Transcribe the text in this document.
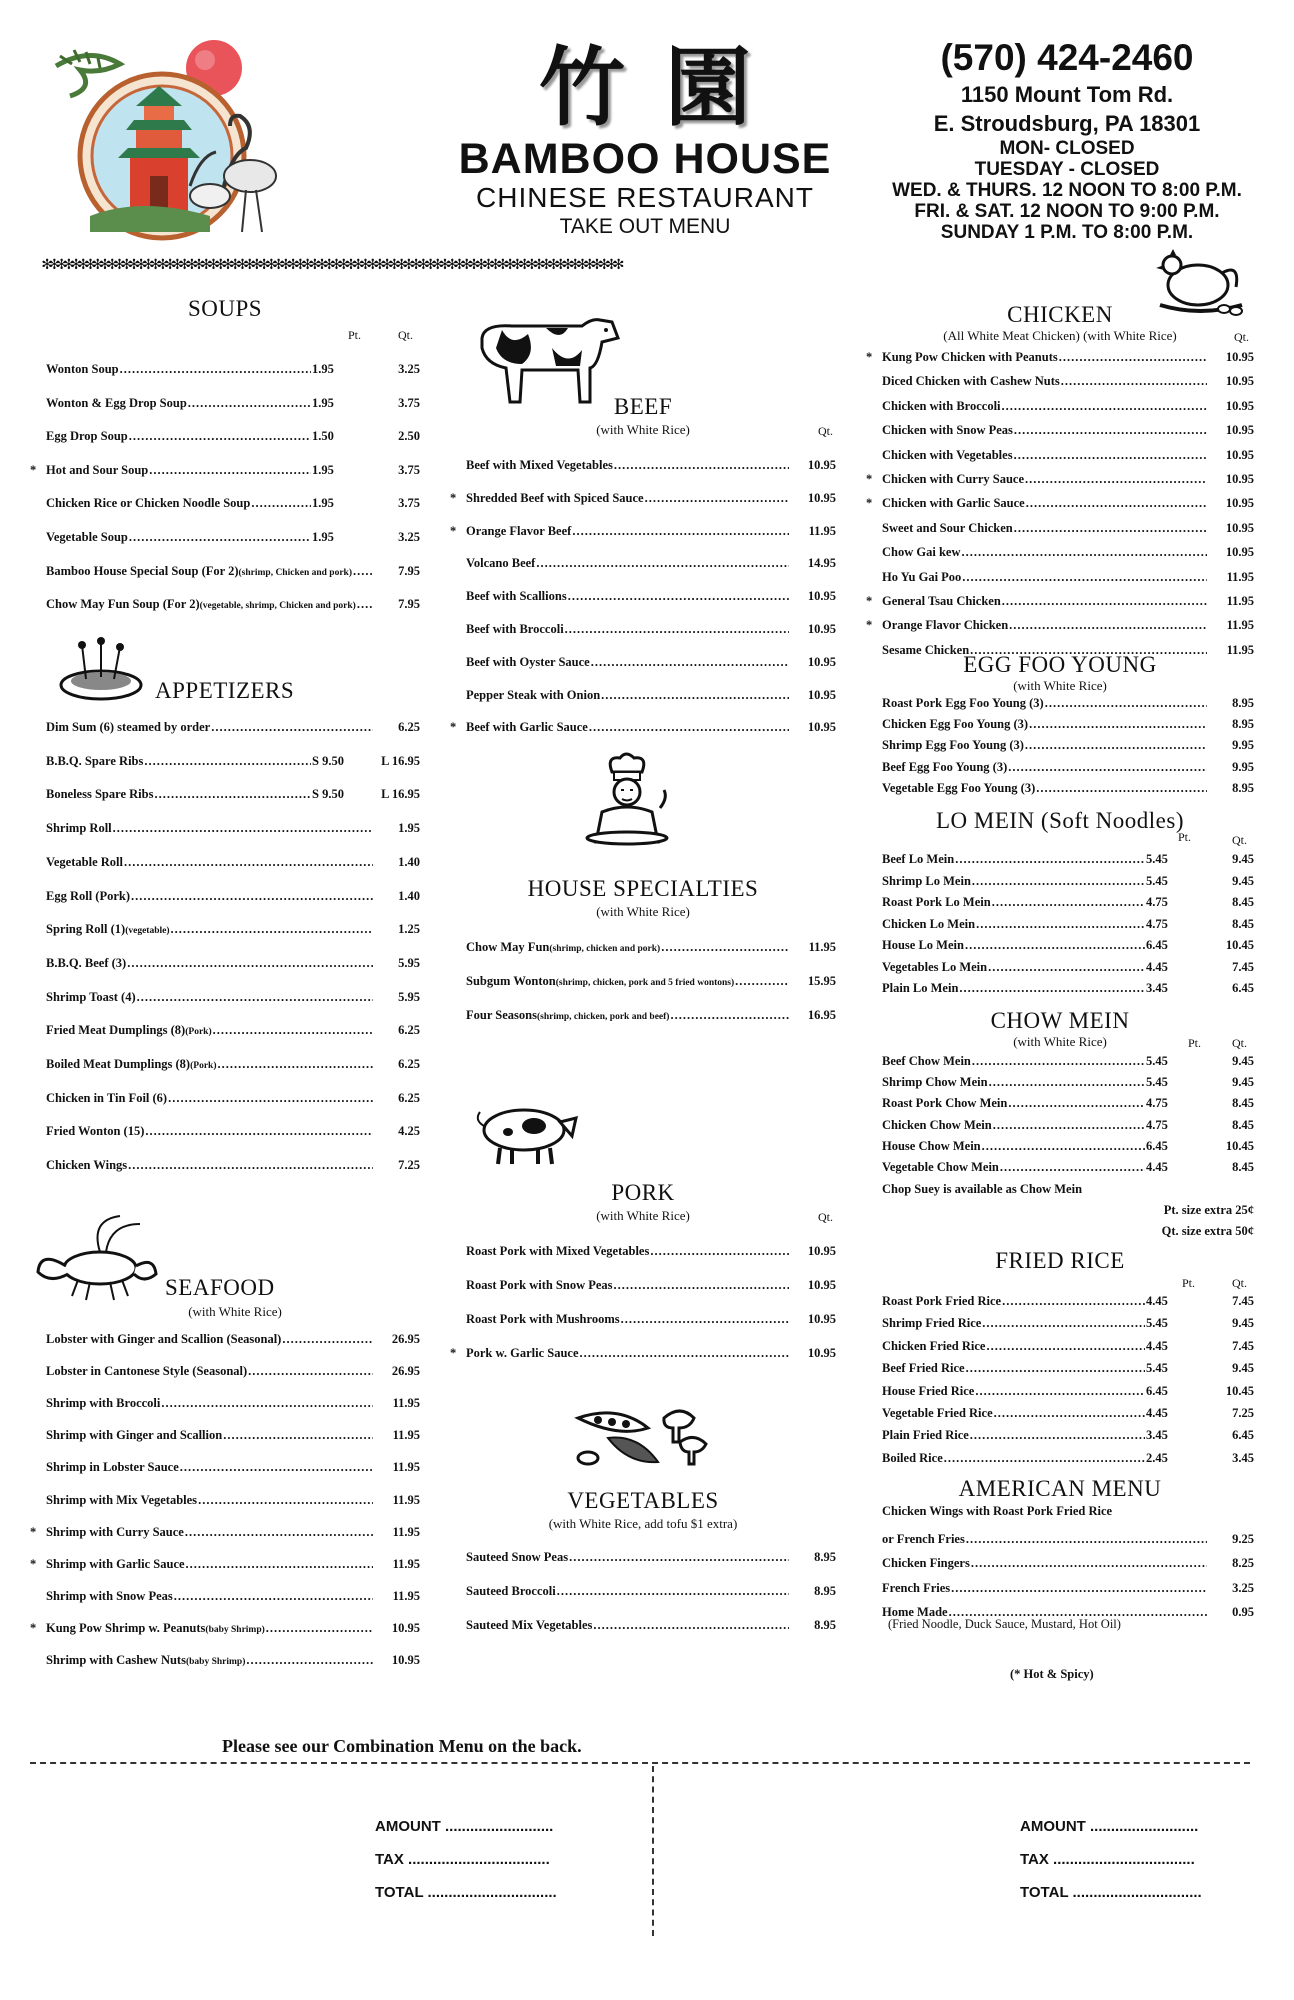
竹園
BAMBOO HOUSE
CHINESE RESTAURANT
TAKE OUT MENU
(570) 424-2460
1150 Mount Tom Rd.
E. Stroudsburg, PA 18301
MON- CLOSED
TUESDAY - CLOSED
WED. & THURS. 12 NOON TO 8:00 P.M.
FRI. & SAT. 12 NOON TO 9:00 P.M.
SUNDAY 1 P.M. TO 8:00 P.M.
✻✻✻✻✻✻✻✻✻✻✻✻✻✻✻✻✻✻✻✻✻✻✻✻✻✻✻✻✻✻✻✻✻✻✻✻✻✻✻✻✻✻✻✻✻✻✻✻✻✻✻✻✻✻✻✻✻✻✻✻✻✻✻✻✻✻✻✻✻✻✻✻✻✻✻✻✻✻✻✻
SOUPS
Pt.	Qt.
Wonton Soup .....	1.95	3.25
Wonton & Egg Drop Soup .....	1.95	3.75
Egg Drop Soup .....	1.50	2.50
* Hot and Sour Soup .....	1.95	3.75
Chicken Rice or Chicken Noodle Soup .....	1.95	3.75
Vegetable Soup .....	1.95	3.25
Bamboo House Special Soup (For 2)(shrimp, Chicken and pork) .....	7.95
Chow May Fun Soup (For 2)(vegetable, shrimp, Chicken and pork) .....	7.95
APPETIZERS
Dim Sum (6) steamed by order .....	6.25
B.B.Q. Spare Ribs .....	S 9.50	L 16.95
Boneless Spare Ribs .....	S 9.50	L 16.95
Shrimp Roll .....	1.95
Vegetable Roll .....	1.40
Egg Roll (Pork) .....	1.40
Spring Roll (1)(vegetable) .....	1.25
B.B.Q. Beef (3) .....	5.95
Shrimp Toast (4) .....	5.95
Fried Meat Dumplings (8)(Pork) .....	6.25
Boiled Meat Dumplings (8)(Pork) .....	6.25
Chicken in Tin Foil (6) .....	6.25
Fried Wonton (15) .....	4.25
Chicken Wings .....	7.25
SEAFOOD
(with White Rice)
Lobster with Ginger and Scallion (Seasonal) .....	26.95
Lobster in Cantonese Style (Seasonal) .....	26.95
Shrimp with Broccoli .....	11.95
Shrimp with Ginger and Scallion .....	11.95
Shrimp in Lobster Sauce .....	11.95
Shrimp with Mix Vegetables .....	11.95
* Shrimp with Curry Sauce .....	11.95
* Shrimp with Garlic Sauce .....	11.95
Shrimp with Snow Peas .....	11.95
* Kung Pow Shrimp w. Peanuts(baby Shrimp) .....	10.95
Shrimp with Cashew Nuts(baby Shrimp) .....	10.95
BEEF
(with White Rice)	Qt.
Beef with Mixed Vegetables .....	10.95
* Shredded Beef with Spiced Sauce .....	10.95
* Orange Flavor Beef .....	11.95
Volcano Beef .....	14.95
Beef with Scallions .....	10.95
Beef with Broccoli .....	10.95
Beef with Oyster Sauce .....	10.95
Pepper Steak with Onion .....	10.95
* Beef with Garlic Sauce .....	10.95
HOUSE SPECIALTIES
(with White Rice)
Chow May Fun(shrimp, chicken and pork) .....	11.95
Subgum Wonton(shrimp, chicken, pork and 5 fried wontons) .....	15.95
Four Seasons(shrimp, chicken, pork and beef) .....	16.95
PORK
(with White Rice)	Qt.
Roast Pork with Mixed Vegetables .....	10.95
Roast Pork with Snow Peas .....	10.95
Roast Pork with Mushrooms .....	10.95
* Pork w. Garlic Sauce .....	10.95
VEGETABLES
(with White Rice, add tofu $1 extra)
Sauteed Snow Peas .....	8.95
Sauteed Broccoli .....	8.95
Sauteed Mix Vegetables .....	8.95
CHICKEN
(All White Meat Chicken) (with White Rice)	Qt.
* Kung Pow Chicken with Peanuts .....	10.95
Diced Chicken with Cashew Nuts .....	10.95
Chicken with Broccoli .....	10.95
Chicken with Snow Peas .....	10.95
Chicken with Vegetables .....	10.95
* Chicken with Curry Sauce .....	10.95
* Chicken with Garlic Sauce .....	10.95
Sweet and Sour Chicken .....	10.95
Chow Gai kew .....	10.95
Ho Yu Gai Poo .....	11.95
* General Tsau Chicken .....	11.95
* Orange Flavor Chicken .....	11.95
Sesame Chicken .....	11.95
EGG FOO YOUNG
(with White Rice)
Roast Pork Egg Foo Young (3) .....	8.95
Chicken Egg Foo Young (3) .....	8.95
Shrimp Egg Foo Young (3) .....	9.95
Beef Egg Foo Young (3) .....	9.95
Vegetable Egg Foo Young (3) .....	8.95
LO MEIN (Soft Noodles)
Pt.	Qt.
Beef Lo Mein .....	5.45	9.45
Shrimp Lo Mein .....	5.45	9.45
Roast Pork Lo Mein .....	4.75	8.45
Chicken Lo Mein .....	4.75	8.45
House Lo Mein .....	6.45	10.45
Vegetables Lo Mein .....	4.45	7.45
Plain Lo Mein .....	3.45	6.45
CHOW MEIN
(with White Rice)	Pt.	Qt.
Beef Chow Mein .....	5.45	9.45
Shrimp Chow Mein .....	5.45	9.45
Roast Pork Chow Mein .....	4.75	8.45
Chicken Chow Mein .....	4.75	8.45
House Chow Mein .....	6.45	10.45
Vegetable Chow Mein .....	4.45	8.45
Chop Suey is available as Chow Mein
Pt. size extra 25¢
Qt. size extra 50¢
FRIED RICE
Pt.	Qt.
Roast Pork Fried Rice .....	4.45	7.45
Shrimp Fried Rice .....	5.45	9.45
Chicken Fried Rice .....	4.45	7.45
Beef Fried Rice .....	5.45	9.45
House Fried Rice .....	6.45	10.45
Vegetable Fried Rice .....	4.45	7.25
Plain Fried Rice .....	3.45	6.45
Boiled Rice .....	2.45	3.45
AMERICAN MENU
Chicken Wings with Roast Pork Fried Rice
or French Fries .....	9.25
Chicken Fingers .....	8.25
French Fries .....	3.25
Home Made .....	0.95
(Fried Noodle, Duck Sauce, Mustard, Hot Oil)
(* Hot & Spicy)
Please see our Combination Menu on the back.
AMOUNT ..........................
TAX ..................................
TOTAL ...............................
AMOUNT ..........................
TAX ..................................
TOTAL ...............................
